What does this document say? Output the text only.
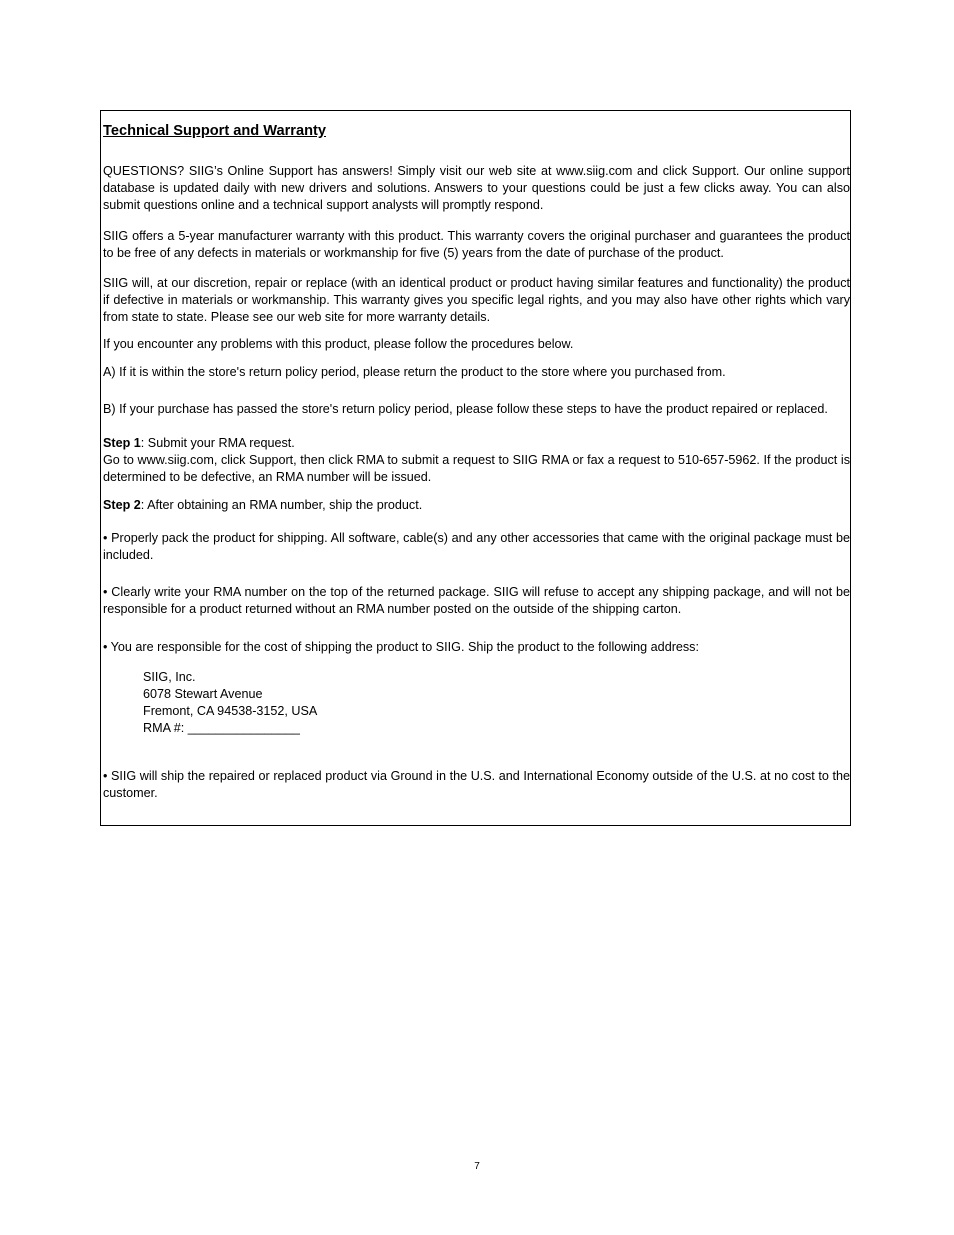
Technical Support and Warranty
QUESTIONS? SIIG’s Online Support has answers! Simply visit our web site at www.siig.com and click Support. Our online support database is updated daily with new drivers and solutions. Answers to your questions could be just a few clicks away. You can also submit questions online and a technical support analysts will promptly respond.
SIIG offers a 5-year manufacturer warranty with this product. This warranty covers the original purchaser and guarantees the product to be free of any defects in materials or workmanship for five (5) years from the date of purchase of the product.
SIIG will, at our discretion, repair or replace (with an identical product or product having similar features and functionality) the product if defective in materials or workmanship. This warranty gives you specific legal rights, and you may also have other rights which vary from state to state. Please see our web site for more warranty details.
If you encounter any problems with this product, please follow the procedures below.
A) If it is within the store's return policy period, please return the product to the store where you purchased from.
B) If your purchase has passed the store's return policy period, please follow these steps to have the product repaired or replaced.
Step 1: Submit your RMA request.
Go to www.siig.com, click Support, then click RMA to submit a request to SIIG RMA or fax a request to 510-657-5962. If the product is determined to be defective, an RMA number will be issued.
Step 2: After obtaining an RMA number, ship the product.
• Properly pack the product for shipping. All software, cable(s) and any other accessories that came with the original package must be included.
• Clearly write your RMA number on the top of the returned package. SIIG will refuse to accept any shipping package, and will not be responsible for a product returned without an RMA number posted on the outside of the shipping carton.
• You are responsible for the cost of shipping the product to SIIG. Ship the product to the following address:
SIIG, Inc.
6078 Stewart Avenue
Fremont, CA 94538-3152, USA
RMA #: ________________
• SIIG will ship the repaired or replaced product via Ground in the U.S. and International Economy outside of the U.S. at no cost to the customer.
7
